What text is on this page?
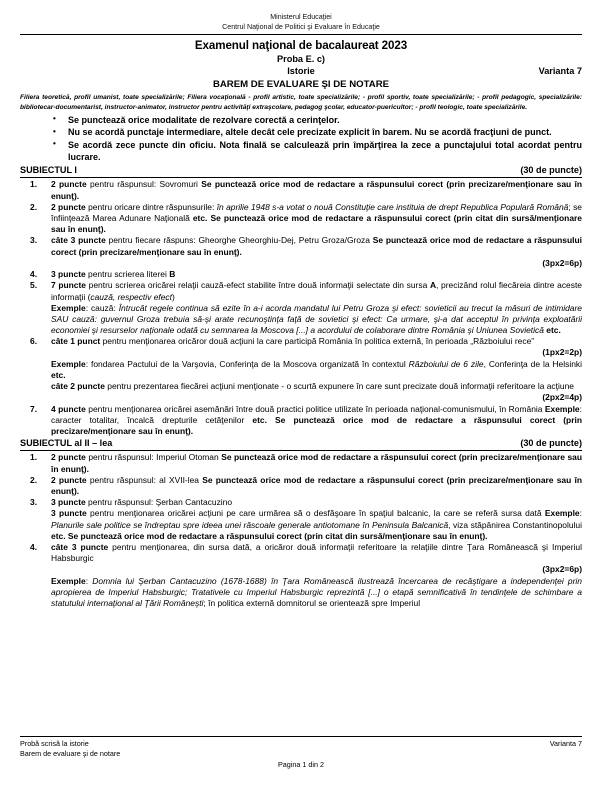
Ministerul Educaţiei
Centrul Naţional de Politici şi Evaluare în Educaţie
Examenul naţional de bacalaureat 2023
Proba E. c)
Istorie	Varianta 7
BAREM DE EVALUARE ŞI DE NOTARE
Filiera teoretică, profil umanist, toate specializările; Filiera vocaţională - profil artistic, toate specializările; - profil sportiv, toate specializările; - profil pedagogic, specializările: bibliotecar-documentarist, instructor-animator, instructor pentru activităţi extraşcolare, pedagog şcolar, educator-puericultor; - profil teologic, toate specializările.
• Se punctează orice modalitate de rezolvare corectă a cerinţelor.
• Nu se acordă punctaje intermediare, altele decât cele precizate explicit în barem. Nu se acordă fracţiuni de punct.
• Se acordă zece puncte din oficiu. Nota finală se calculează prin împărţirea la zece a punctajului total acordat pentru lucrare.
SUBIECTUL I	(30 de puncte)
1.	2 puncte pentru răspunsul: Sovromuri Se punctează orice mod de redactare a răspunsului corect (prin precizare/menţionare sau în enunţ).
2.	2 puncte pentru oricare dintre răspunsurile: în aprilie 1948 s-a votat o nouă Constituţie care instituia de drept Republica Populară Română; se înfiinţează Marea Adunare Naţională etc. Se punctează orice mod de redactare a răspunsului corect (prin citat din sursă/menţionare sau în enunţ).
3.	câte 3 puncte pentru fiecare răspuns: Gheorghe Gheorghiu-Dej, Petru Groza/Groza Se punctează orice mod de redactare a răspunsului corect (prin precizare/menţionare sau în enunţ).
(3px2=6p)
4.	3 puncte pentru scrierea literei B
5.	7 puncte pentru scrierea oricărei relaţii cauză-efect stabilite între două informaţii selectate din sursa A, precizând rolul fiecăreia dintre aceste informaţii (cauză, respectiv efect)
Exemple: cauză: Întrucât regele continua să ezite în a-i acorda mandatul lui Petru Groza şi efect: sovieticii au trecut la măsuri de intimidare SAU cauză: guvernul Groza trebuia să-şi arate recunoştinţa faţă de sovietici şi efect: Ca urmare, şi-a dat acceptul în privinţa exploatării economiei şi resurselor naţionale odată cu semnarea la Moscova [...] a acordului de colaborare dintre România şi Uniunea Sovietică etc.
6.	câte 1 punct pentru menţionarea oricăror două acţiuni la care participă România în politica externă, în perioada „Războiului rece”
(1px2=2p)
Exemple: fondarea Pactului de la Varşovia, Conferinţa de la Moscova organizată în contextul Războiului de 6 zile, Conferinţa de la Helsinki etc.
câte 2 puncte pentru prezentarea fiecărei acţiuni menţionate - o scurtă expunere în care sunt precizate două informaţii referitoare la acţiune
(2px2=4p)
7.	4 puncte pentru menţionarea oricărei asemănări între două practici politice utilizate în perioada naţional-comunismului, în România Exemple: caracter totalitar, încalcă drepturile cetăţenilor etc. Se punctează orice mod de redactare a răspunsului corect (prin precizare/menţionare sau în enunţ).
SUBIECTUL al II – lea	(30 de puncte)
1.	2 puncte pentru răspunsul: Imperiul Otoman Se punctează orice mod de redactare a răspunsului corect (prin precizare/menţionare sau în enunţ).
2.	2 puncte pentru răspunsul: al XVII-lea Se punctează orice mod de redactare a răspunsului corect (prin precizare/menţionare sau în enunţ).
3.	3 puncte pentru răspunsul: Şerban Cantacuzino
3 puncte pentru menţionarea oricărei acţiuni pe care urmărea să o desfăşoare în spaţiul balcanic, la care se referă sursa dată Exemple: Planurile sale politice se îndreptau spre ideea unei răscoale generale antiotomane în Peninsula Balcanică, viza stăpânirea Constantinopolului etc. Se punctează orice mod de redactare a răspunsului corect (prin citat din sursă/menţionare sau în enunţ).
4.	câte 3 puncte pentru menţionarea, din sursa dată, a oricăror două informaţii referitoare la relaţiile dintre Ţara Românească şi Imperiul Habsburgic
(3px2=6p)
Exemple: Domnia lui Şerban Cantacuzino (1678-1688) în Ţara Românească ilustrează încercarea de recâştigare a independenţei prin apropierea de Imperiul Habsburgic; Tratativele cu Imperiul Habsburgic reprezintă [...] o etapă semnificativă în tendinţele de schimbare a statutului internaţional al Ţării Româneşti; în politica externă domnitorul se orientează spre Imperiul
Probă scrisă la istorie	Varianta 7
Barem de evaluare şi de notare
Pagina 1 din 2
